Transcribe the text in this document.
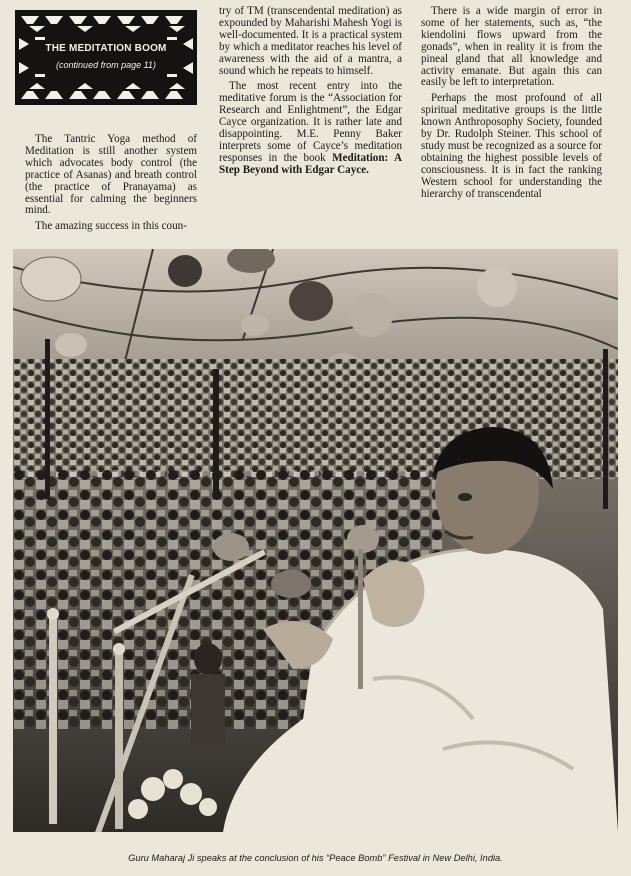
THE MEDITATION BOOM
(continued from page 11)

The Tantric Yoga method of Meditation is still another system which advocates body control (the practice of Asanas) and breath control (the practice of Pranayama) as essential for calming the beginners mind.

The amazing success in this coun-

try of TM (transcendental meditation) as expounded by Maharishi Mahesh Yogi is well-documented. It is a practical system by which a meditator reaches his level of awareness with the aid of a mantra, a sound which he repeats to himself.

The most recent entry into the meditative forum is the “Association for Research and Enlightment”, the Edgar Cayce organization. It is rather late and disappointing. M.E. Penny Baker interprets some of Cayce’s meditation responses in the book Meditation: A Step Beyond with Edgar Cayce.

There is a wide margin of error in some of her statements, such as, “the kiendolini flows upward from the gonads”, when in reality it is from the pineal gland that all knowledge and activity emanate. But again this can easily be left to interpretation.

Perhaps the most profound of all spiritual meditative groups is the little known Anthroposophy Society, founded by Dr. Rudolph Steiner. This school of study must be recognized as a source for obtaining the highest possible levels of consciousness. It is in fact the ranking Western school for understanding the hierarchy of transcendental

Guru Maharaj Ji speaks at the conclusion of his “Peace Bomb” Festival in New Delhi, India.
